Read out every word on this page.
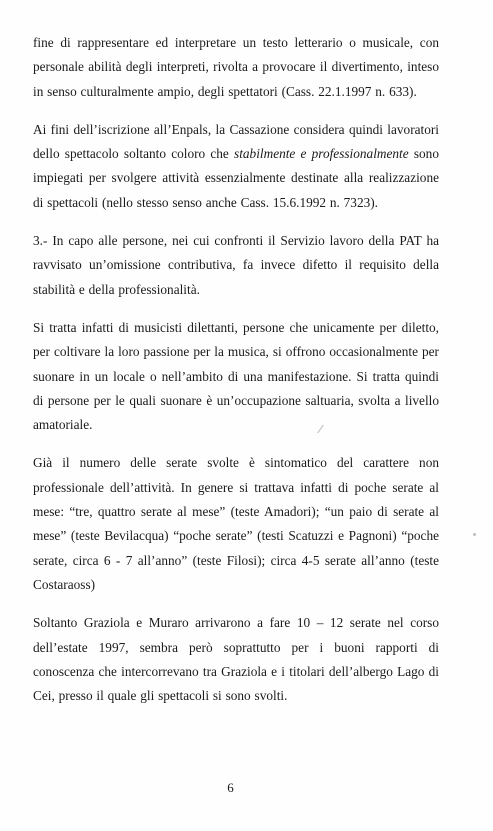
fine di rappresentare ed interpretare un testo letterario o musicale, con personale abilità degli interpreti, rivolta a provocare il divertimento, inteso in senso culturalmente ampio, degli spettatori (Cass. 22.1.1997 n. 633).

Ai fini dell’iscrizione all’Enpals, la Cassazione considera quindi lavoratori dello spettacolo soltanto coloro che stabilmente e professionalmente sono impiegati per svolgere attività essenzialmente destinate alla realizzazione di spettacoli (nello stesso senso anche Cass. 15.6.1992 n. 7323).

3.- In capo alle persone, nei cui confronti il Servizio lavoro della PAT ha ravvisato un’omissione contributiva, fa invece difetto il requisito della stabilità e della professionalità.

Si tratta infatti di musicisti dilettanti, persone che unicamente per diletto, per coltivare la loro passione per la musica, si offrono occasionalmente per suonare in un locale o nell’ambito di una manifestazione. Si tratta quindi di persone per le quali suonare è un’occupazione saltuaria, svolta a livello amatoriale.

Già il numero delle serate svolte è sintomatico del carattere non professionale dell’attività. In genere si trattava infatti di poche serate al mese: “tre, quattro serate al mese” (teste Amadori); “un paio di serate al mese” (teste Bevilacqua) “poche serate” (testi Scatuzzi e Pagnoni) “poche serate, circa 6 - 7 all’anno” (teste Filosi); circa 4-5 serate all’anno (teste Costaraoss)

Soltanto Graziola e Muraro arrivarono a fare 10 – 12 serate nel corso dell’estate 1997, sembra però soprattutto per i buoni rapporti di conoscenza che intercorrevano tra Graziola e i titolari dell’albergo Lago di Cei, presso il quale gli spettacoli si sono svolti.

6
